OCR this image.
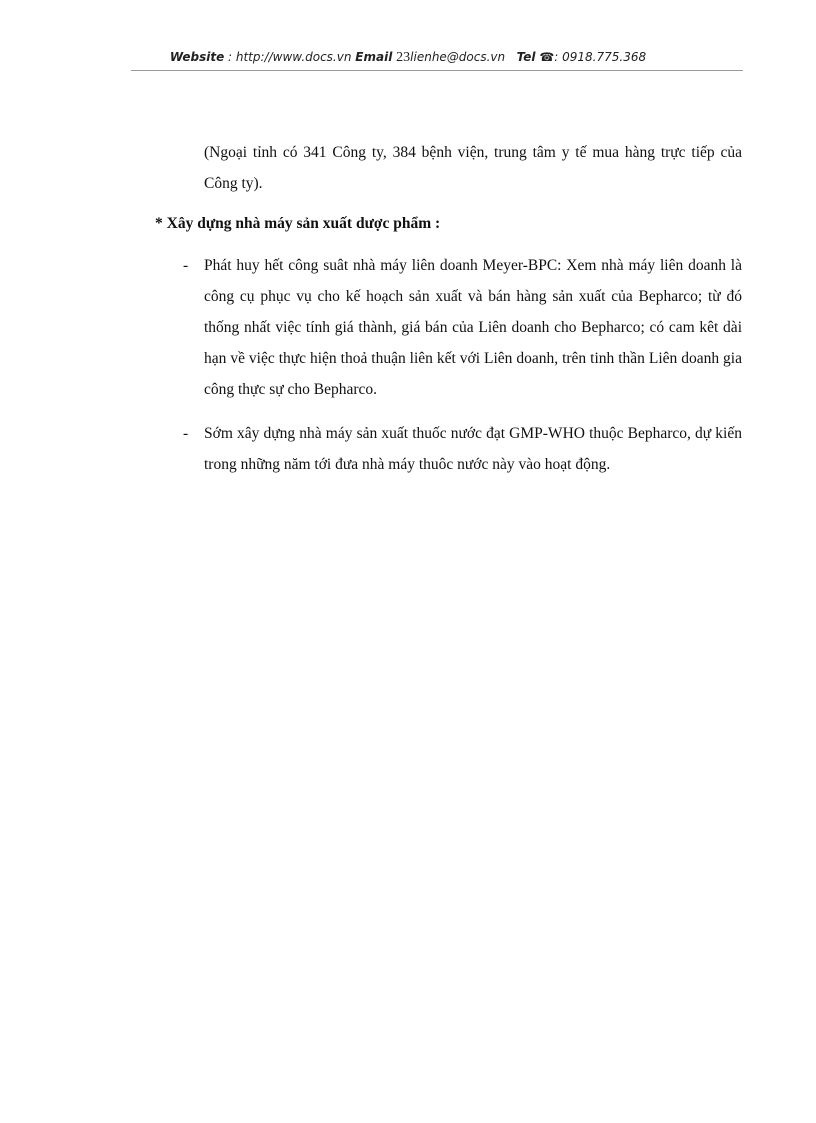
Website : http://www.docs.vn Email 23lienhe@docs.vn Tel ☎: 0918.775.368
(Ngoại tỉnh có 341 Công ty, 384 bệnh viện, trung tâm y tế mua hàng trực tiếp của Công ty).
* Xây dựng nhà máy sản xuất dược phẩm :
- Phát huy hết công suât nhà máy liên doanh Meyer-BPC: Xem nhà máy liên doanh là công cụ phục vụ cho kế hoạch sản xuất và bán hàng sản xuất của Bepharco; từ đó thống nhất việc tính giá thành, giá bán của Liên doanh cho Bepharco; có cam kêt dài hạn về việc thực hiện thoả thuận liên kết với Liên doanh, trên tinh thần Liên doanh gia công thực sự cho Bepharco.
- Sớm xây dựng nhà máy sản xuất thuốc nước đạt GMP-WHO thuộc Bepharco, dự kiến trong những năm tới đưa nhà máy thuôc nước này vào hoạt động.
